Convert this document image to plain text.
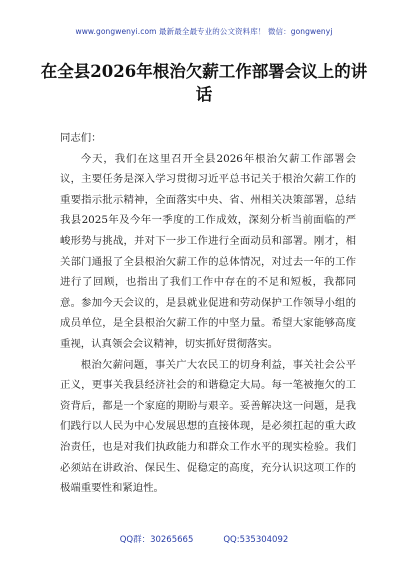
www.gongwenyi.com 最新最全最专业的公文资料库！ 微信：gongwenyj
在全县2026年根治欠薪工作部署会议上的讲话

同志们：

今天，我们在这里召开全县2026年根治欠薪工作部署会议，主要任务是深入学习贯彻习近平总书记关于根治欠薪工作的重要指示批示精神，全面落实中央、省、州相关决策部署，总结我县2025年及今年一季度的工作成效，深刻分析当前面临的严峻形势与挑战，并对下一步工作进行全面动员和部署。刚才，相关部门通报了全县根治欠薪工作的总体情况，对过去一年的工作进行了回顾，也指出了我们工作中存在的不足和短板，我都同意。参加今天会议的，是县就业促进和劳动保护工作领导小组的成员单位，是全县根治欠薪工作的中坚力量。希望大家能够高度重视，认真领会会议精神，切实抓好贯彻落实。

根治欠薪问题，事关广大农民工的切身利益，事关社会公平正义，更事关我县经济社会的和谐稳定大局。每一笔被拖欠的工资背后，都是一个家庭的期盼与艰辛。妥善解决这一问题，是我们践行以人民为中心发展思想的直接体现，是必须扛起的重大政治责任，也是对我们执政能力和群众工作水平的现实检验。我们必须站在讲政治、保民生、促稳定的高度，充分认识这项工作的极端重要性和紧迫性。

QQ群：30265665	QQ:535304092
